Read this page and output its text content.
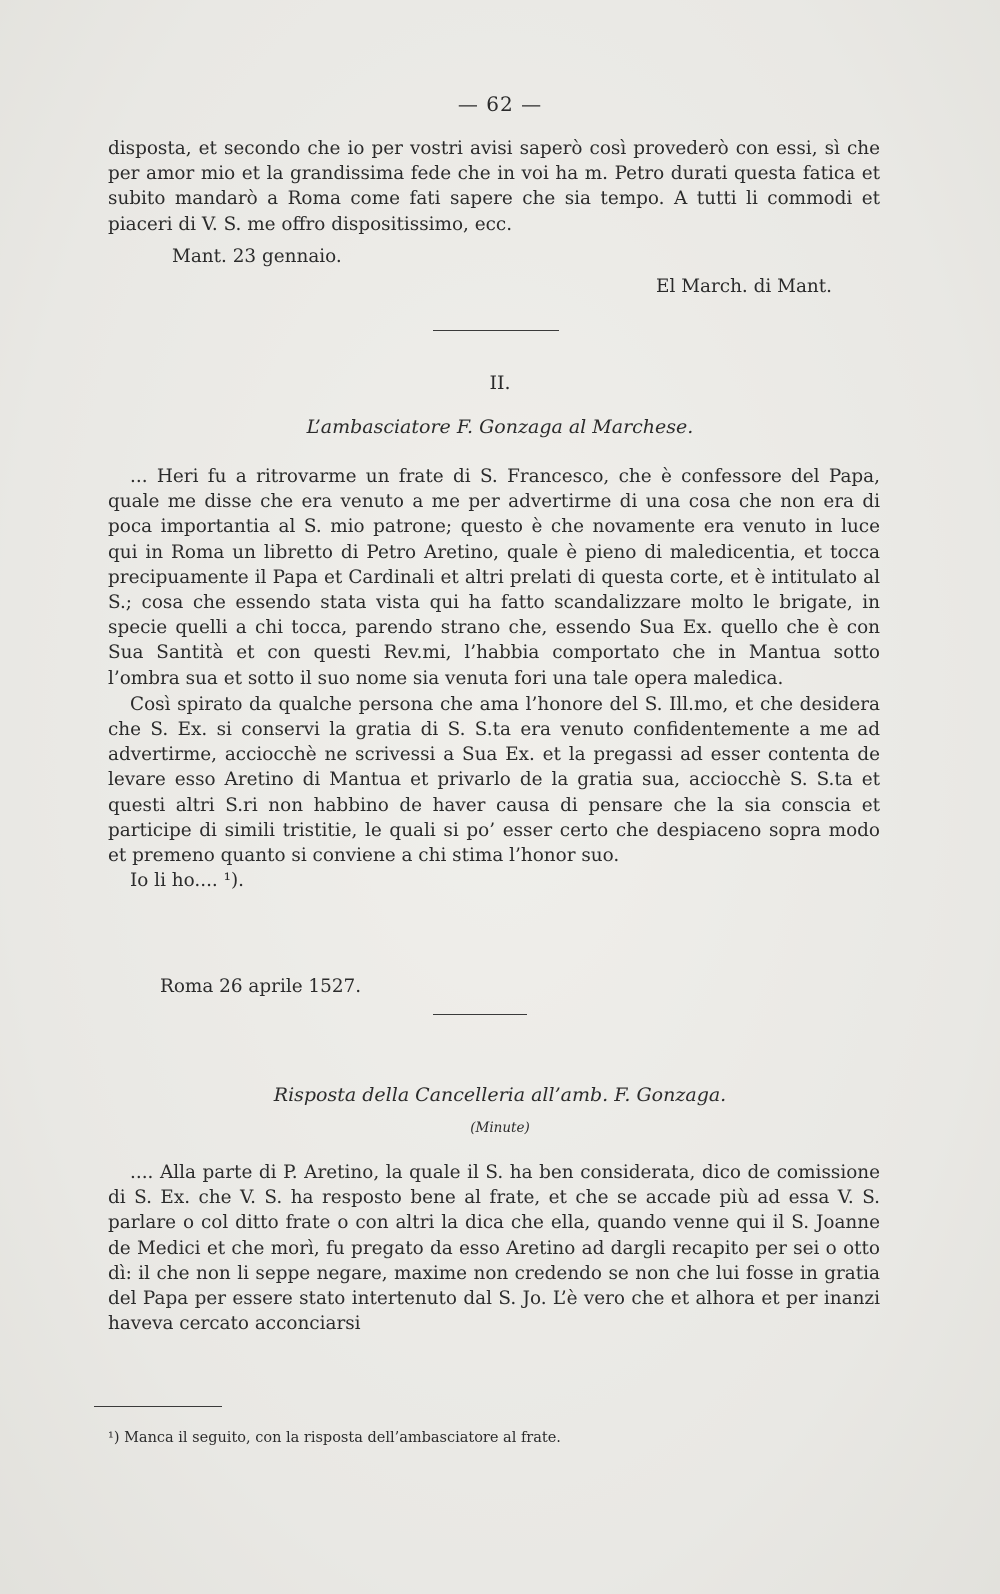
— 62 —

disposta, et secondo che io per vostri avisi saperò così provederò con essi, sì che per amor mio et la grandissima fede che in voi ha m. Petro durati questa fatica et subito mandarò a Roma come fati sapere che sia tempo. A tutti li commodi et piaceri di V. S. me offro dispositissimo, ecc.

Mant. 23 gennaio.
El March. di Mant.
II.
L’ambasciatore F. Gonzaga al Marchese.

... Heri fu a ritrovarme un frate di S. Francesco, che è confessore del Papa, quale me disse che era venuto a me per advertirme di una cosa che non era di poca importantia al S. mio patrone; questo è che novamente era venuto in luce qui in Roma un libretto di Petro Aretino, quale è pieno di maledicentia, et tocca precipuamente il Papa et Cardinali et altri prelati di questa corte, et è intitulato al S.; cosa che essendo stata vista qui ha fatto scandalizzare molto le brigate, in specie quelli a chi tocca, parendo strano che, essendo Sua Ex. quello che è con Sua Santità et con questi Rev.mi, l’habbia comportato che in Mantua sotto l’ombra sua et sotto il suo nome sia venuta fori una tale opera maledica.

Così spirato da qualche persona che ama l’honore del S. Ill.mo, et che desidera che S. Ex. si conservi la gratia di S. S.ta era venuto confidentemente a me ad advertirme, acciocchè ne scrivessi a Sua Ex. et la pregassi ad esser contenta de levare esso Aretino di Mantua et privarlo de la gratia sua, acciocchè S. S.ta et questi altri S.ri non habbino de haver causa di pensare che la sia conscia et participe di simili tristitie, le quali si po’ esser certo che despiaceno sopra modo et premeno quanto si conviene a chi stima l’honor suo.

Io li ho.... ¹).

Roma 26 aprile 1527.
Risposta della Cancelleria all’amb. F. Gonzaga.
(Minute)

.... Alla parte di P. Aretino, la quale il S. ha ben considerata, dico de comissione di S. Ex. che V. S. ha resposto bene al frate, et che se accade più ad essa V. S. parlare o col ditto frate o con altri la dica che ella, quando venne qui il S. Joanne de Medici et che morì, fu pregato da esso Aretino ad dargli recapito per sei o otto dì: il che non li seppe negare, maxime non credendo se non che lui fosse in gratia del Papa per essere stato intertenuto dal S. Jo. L’è vero che et alhora et per inanzi haveva cercato acconciarsi

¹) Manca il seguito, con la risposta dell’ambasciatore al frate.
